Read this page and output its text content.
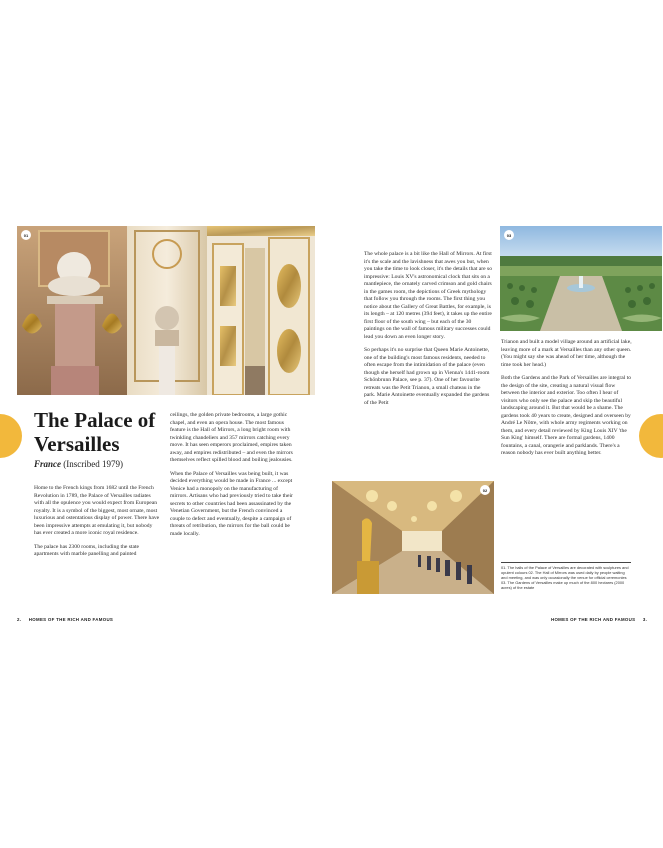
01	03
02
The Palace of Versailles

France (Inscribed 1979)

Home to the French kings from 1682 until the French Revolution in 1789, the Palace of Versailles radiates with all the opulence you would expect from European royalty. It is a symbol of the biggest, most ornate, most luxurious and ostentatious display of power. There have been impressive attempts at emulating it, but nobody has ever created a more iconic royal residence.

The palace has 2300 rooms, including the state apartments with marble panelling and painted

ceilings, the golden private bedrooms, a large gothic chapel, and even an opera house. The most famous feature is the Hall of Mirrors, a long bright room with twinkling chandeliers and 357 mirrors catching every move. It has seen emperors proclaimed, empires taken away, and empires redistributed – and even the mirrors themselves reflect spilled blood and boiling jealousies.

When the Palace of Versailles was being built, it was decided everything would be made in France ... except Venice had a monopoly on the manufacturing of mirrors. Artisans who had previously tried to take their secrets to other countries had been assassinated by the Venetian Government, but the French convinced a couple to defect and eventually, despite a campaign of threats of retribution, the mirrors for the ball could be made locally.

The whole palace is a bit like the Hall of Mirrors. At first it's the scale and the lavishness that awes you but, when you take the time to look closer, it's the details that are so impressive: Louis XV's astronomical clock that sits on a mantlepiece, the ornately carved crimson and gold chairs in the games room, the depictions of Greek mythology that follow you through the rooms. The first thing you notice about the Gallery of Great Battles, for example, is its length – at 120 metres (394 feet), it takes up the entire first floor of the south wing – but each of the 30 paintings on the wall of famous military successes could lead you down an even longer story.

So perhaps it's no surprise that Queen Marie Antoinette, one of the building's most famous residents, needed to often escape from the intimidation of the palace (even though she herself had grown up in Vienna's 1441-room Schönbrunn Palace, see p. 37). One of her favourite retreats was the Petit Trianon, a small chateau in the park. Marie Antoinette eventually expanded the gardens of the Petit

Trianon and built a model village around an artificial lake, leaving more of a mark at Versailles than any other queen. (You might say she was ahead of her time, although the time took her head.)

Both the Gardens and the Park of Versailles are integral to the design of the site, creating a natural visual flow between the interior and exterior. Too often I hear of visitors who only see the palace and skip the beautiful landscaping around it. But that would be a shame. The gardens took 40 years to create, designed and overseen by André Le Nôtre, with whole army regiments working on them, and every detail reviewed by King Louis XIV 'the Sun King' himself. There are formal gardens, 1400 fountains, a canal, orangerie and parklands. There's a reason nobody has ever built anything better.

01. The halls of the Palace of Versailles are decorated with sculptures and opulent colours 02. The Hall of Mirrors was used daily by people waiting and meeting, and was only occasionally the venue for official ceremonies 03. The Gardens of Versailles make up much of the 800 hectares (2000 acres) of the estate

2. HOMES OF THE RICH AND FAMOUS	HOMES OF THE RICH AND FAMOUS 3.
